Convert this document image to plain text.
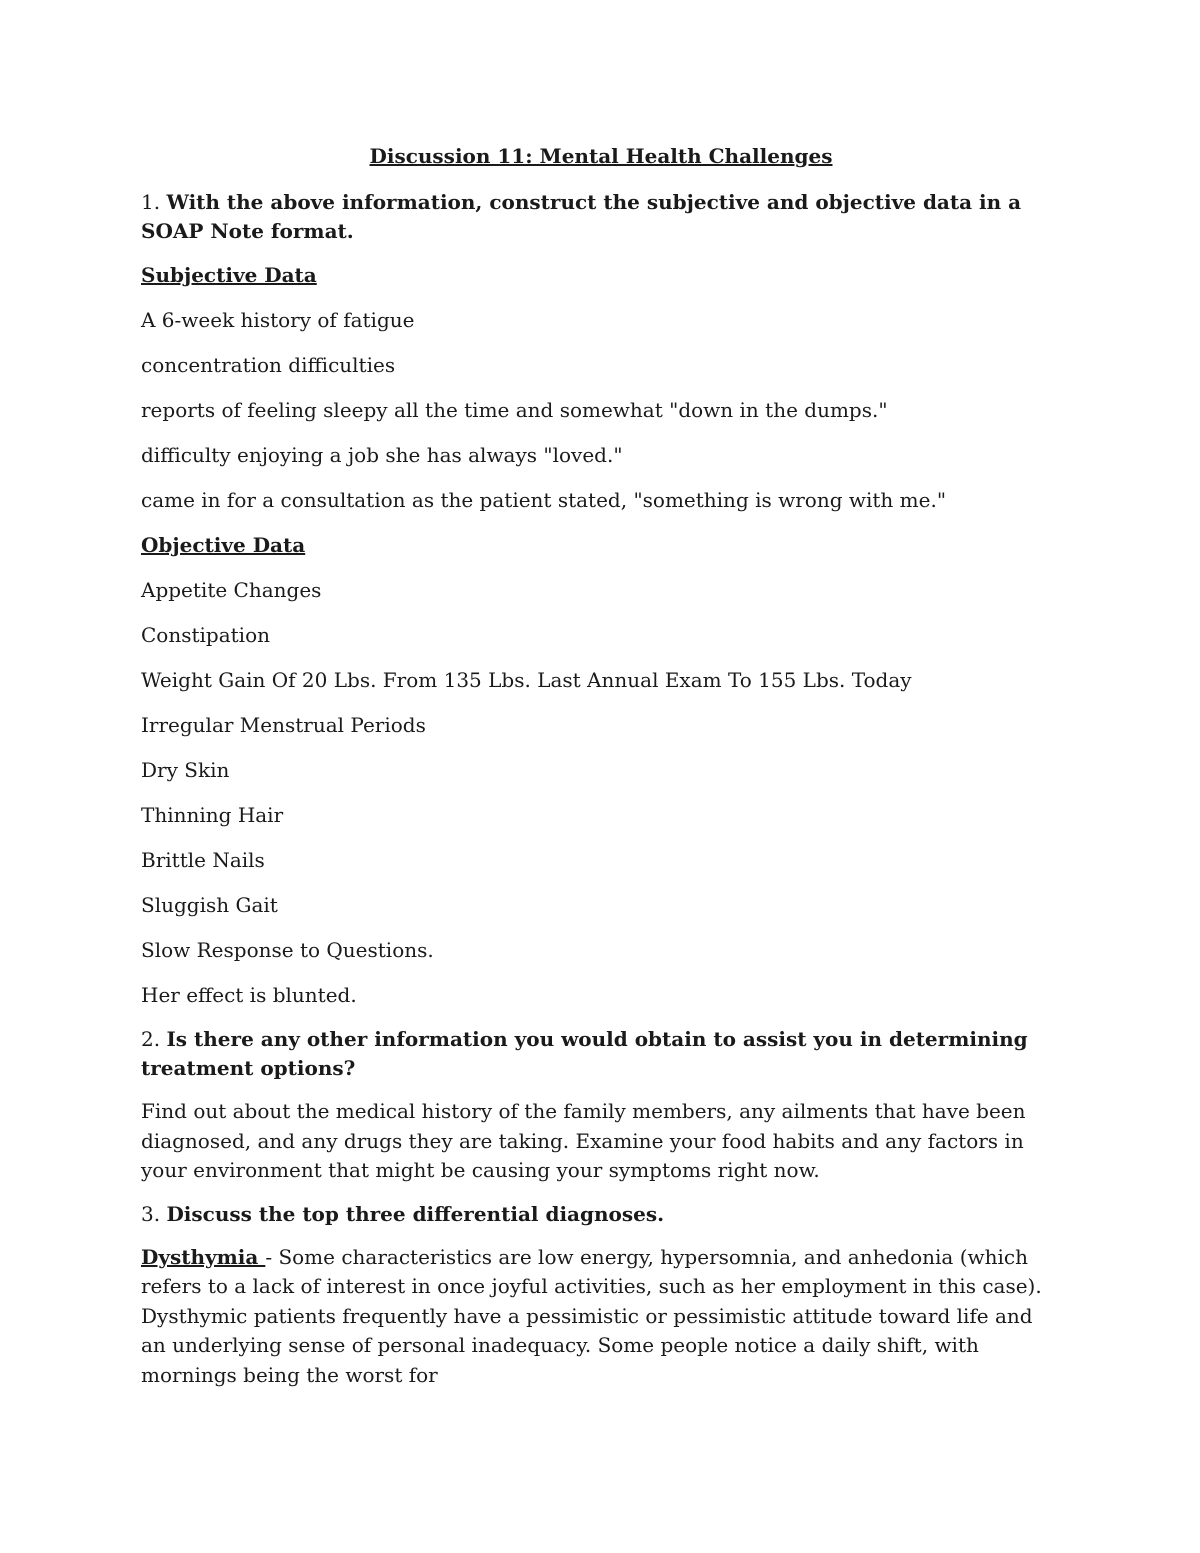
Discussion 11: Mental Health Challenges
1. With the above information, construct the subjective and objective data in a SOAP Note format.
Subjective Data
A 6-week history of fatigue
concentration difficulties
reports of feeling sleepy all the time and somewhat "down in the dumps."
difficulty enjoying a job she has always "loved."
came in for a consultation as the patient stated, "something is wrong with me."
Objective Data
Appetite Changes
Constipation
Weight Gain Of 20 Lbs. From 135 Lbs. Last Annual Exam To 155 Lbs. Today
Irregular Menstrual Periods
Dry Skin
Thinning Hair
Brittle Nails
Sluggish Gait
Slow Response to Questions.
Her effect is blunted.
2. Is there any other information you would obtain to assist you in determining treatment options?
Find out about the medical history of the family members, any ailments that have been diagnosed, and any drugs they are taking. Examine your food habits and any factors in your environment that might be causing your symptoms right now.
3. Discuss the top three differential diagnoses.
Dysthymia - Some characteristics are low energy, hypersomnia, and anhedonia (which refers to a lack of interest in once joyful activities, such as her employment in this case). Dysthymic patients frequently have a pessimistic or pessimistic attitude toward life and an underlying sense of personal inadequacy. Some people notice a daily shift, with mornings being the worst for
